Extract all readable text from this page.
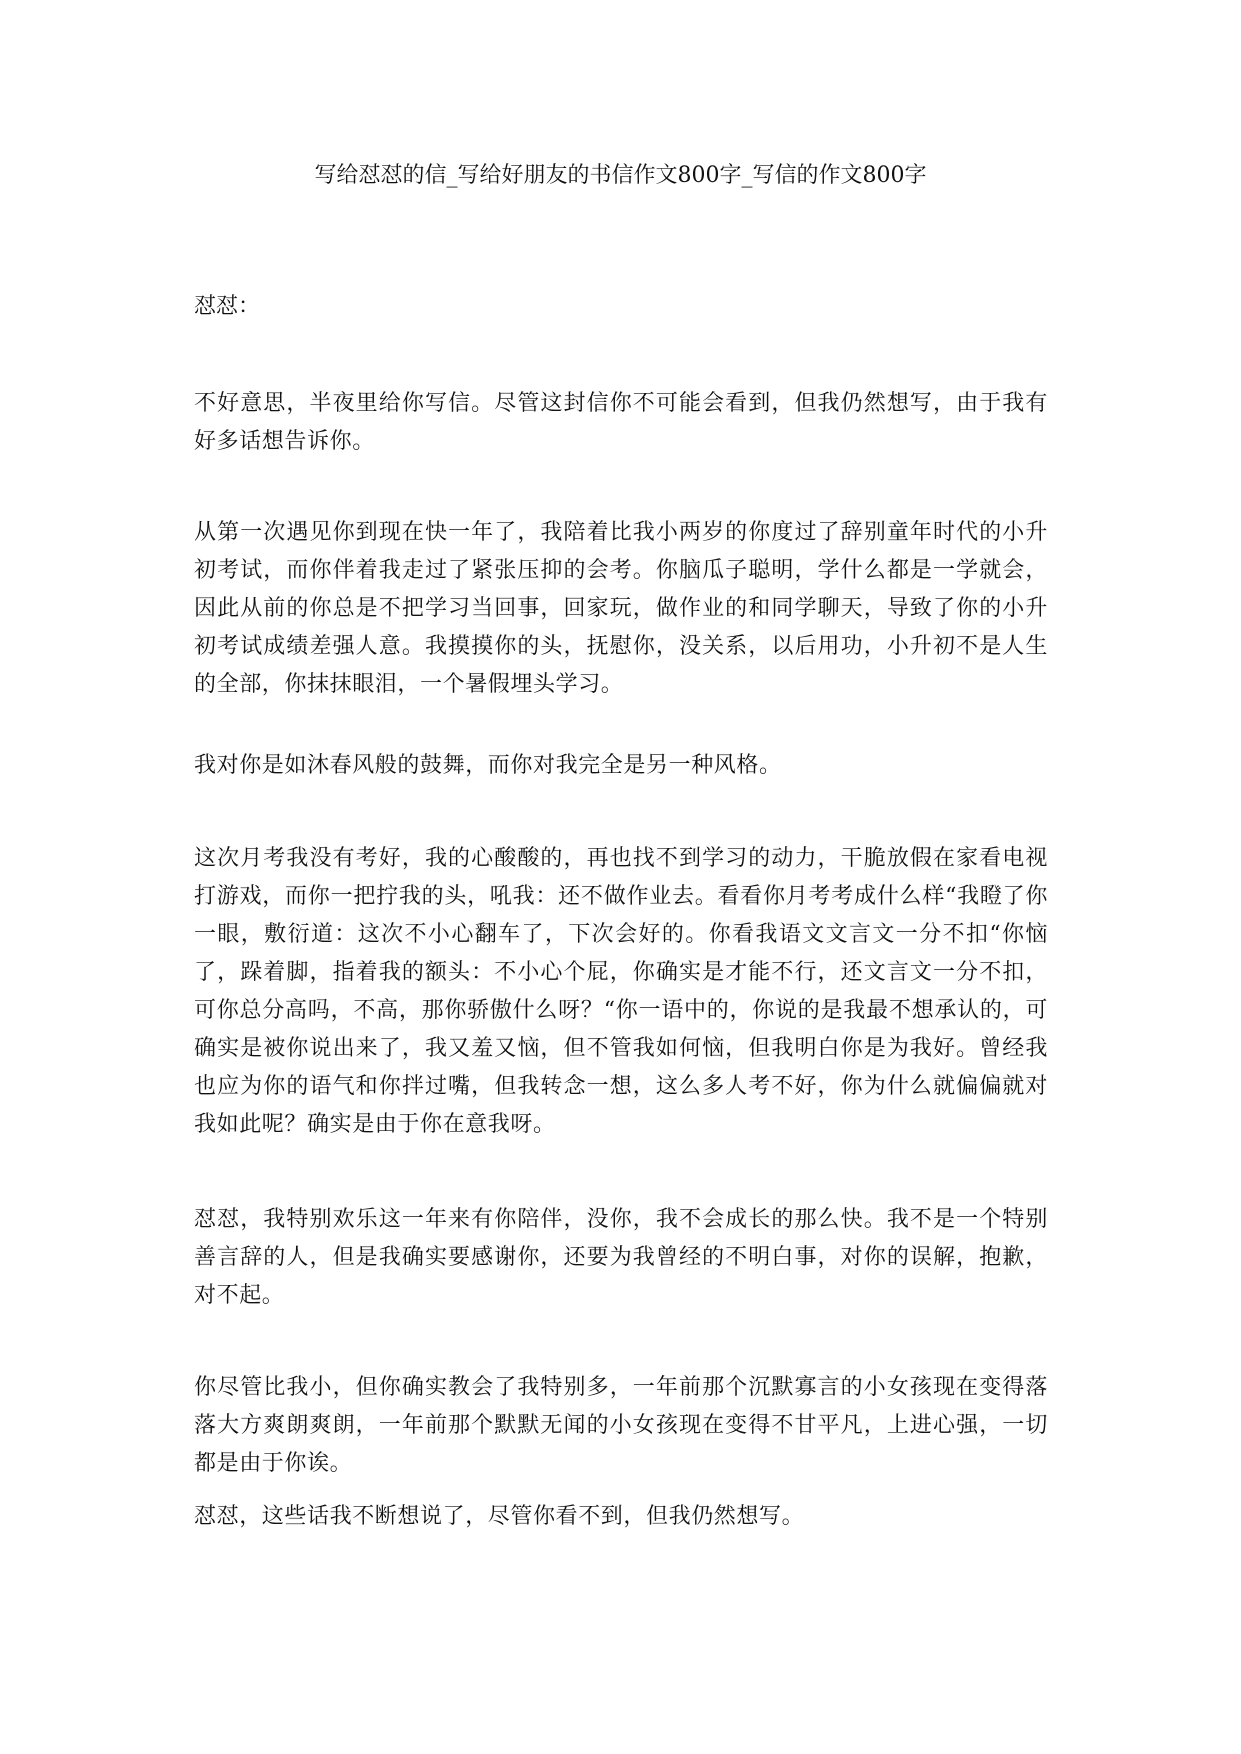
写给怼怼的信_写给好朋友的书信作文800字_写信的作文800字

怼怼：

不好意思，半夜里给你写信。尽管这封信你不可能会看到，但我仍然想写，由于我有好多话想告诉你。

从第一次遇见你到现在快一年了，我陪着比我小两岁的你度过了辞别童年时代的小升初考试，而你伴着我走过了紧张压抑的会考。你脑瓜子聪明，学什么都是一学就会，因此从前的你总是不把学习当回事，回家玩，做作业的和同学聊天，导致了你的小升初考试成绩差强人意。我摸摸你的头，抚慰你，没关系，以后用功，小升初不是人生的全部，你抹抹眼泪，一个暑假埋头学习。

我对你是如沐春风般的鼓舞，而你对我完全是另一种风格。

这次月考我没有考好，我的心酸酸的，再也找不到学习的动力，干脆放假在家看电视打游戏，而你一把拧我的头，吼我：还不做作业去。看看你月考考成什么样“我瞪了你一眼，敷衍道：这次不小心翻车了，下次会好的。你看我语文文言文一分不扣“你恼了，跺着脚，指着我的额头：不小心个屁，你确实是才能不行，还文言文一分不扣，可你总分高吗，不高，那你骄傲什么呀？“你一语中的，你说的是我最不想承认的，可确实是被你说出来了，我又羞又恼，但不管我如何恼，但我明白你是为我好。曾经我也应为你的语气和你拌过嘴，但我转念一想，这么多人考不好，你为什么就偏偏就对我如此呢？确实是由于你在意我呀。

怼怼，我特别欢乐这一年来有你陪伴，没你，我不会成长的那么快。我不是一个特别善言辞的人，但是我确实要感谢你，还要为我曾经的不明白事，对你的误解，抱歉，对不起。

你尽管比我小，但你确实教会了我特别多，一年前那个沉默寡言的小女孩现在变得落落大方爽朗爽朗，一年前那个默默无闻的小女孩现在变得不甘平凡，上进心强，一切都是由于你诶。

怼怼，这些话我不断想说了，尽管你看不到，但我仍然想写。
